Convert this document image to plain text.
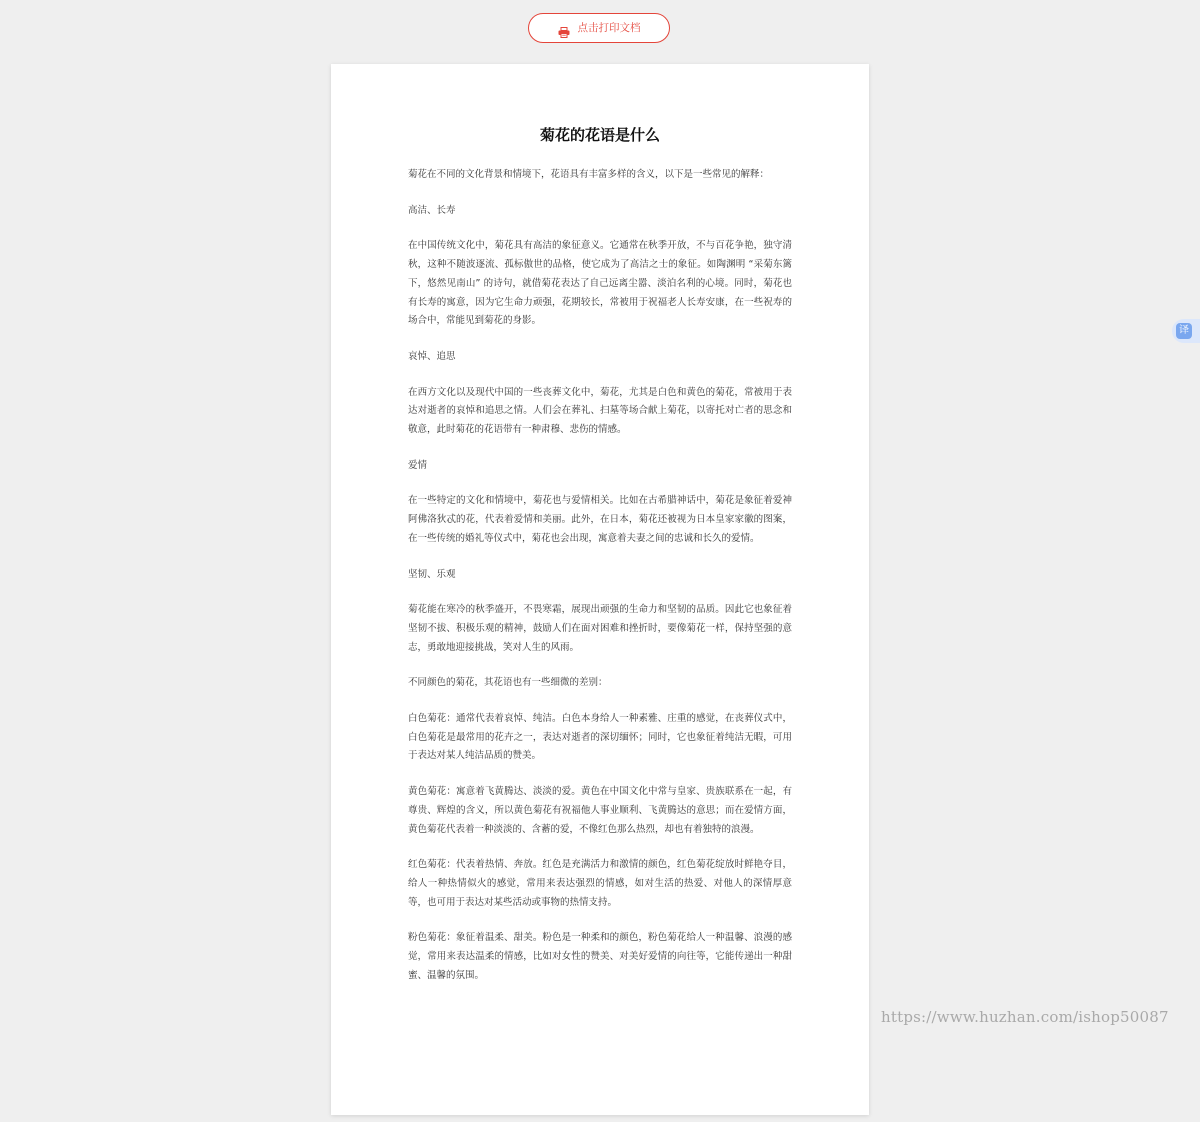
点击打印文档
菊花的花语是什么

菊花在不同的文化背景和情境下，花语具有丰富多样的含义，以下是一些常见的解释：

高洁、长寿

在中国传统文化中，菊花具有高洁的象征意义。它通常在秋季开放，不与百花争艳，独守清秋，这种不随波逐流、孤标傲世的品格，使它成为了高洁之士的象征。如陶渊明 “采菊东篱下，悠然见南山” 的诗句，就借菊花表达了自己远离尘嚣、淡泊名利的心境。同时，菊花也有长寿的寓意，因为它生命力顽强，花期较长，常被用于祝福老人长寿安康，在一些祝寿的场合中，常能见到菊花的身影。

哀悼、追思

在西方文化以及现代中国的一些丧葬文化中，菊花，尤其是白色和黄色的菊花，常被用于表达对逝者的哀悼和追思之情。人们会在葬礼、扫墓等场合献上菊花，以寄托对亡者的思念和敬意，此时菊花的花语带有一种肃穆、悲伤的情感。

爱情

在一些特定的文化和情境中，菊花也与爱情相关。比如在古希腊神话中，菊花是象征着爱神阿佛洛狄忒的花，代表着爱情和美丽。此外，在日本，菊花还被视为日本皇家家徽的图案，在一些传统的婚礼等仪式中，菊花也会出现，寓意着夫妻之间的忠诚和长久的爱情。

坚韧、乐观

菊花能在寒冷的秋季盛开，不畏寒霜，展现出顽强的生命力和坚韧的品质。因此它也象征着坚韧不拔、积极乐观的精神，鼓励人们在面对困难和挫折时，要像菊花一样，保持坚强的意志，勇敢地迎接挑战，笑对人生的风雨。

不同颜色的菊花，其花语也有一些细微的差别：

白色菊花：通常代表着哀悼、纯洁。白色本身给人一种素雅、庄重的感觉，在丧葬仪式中，白色菊花是最常用的花卉之一，表达对逝者的深切缅怀；同时，它也象征着纯洁无暇，可用于表达对某人纯洁品质的赞美。

黄色菊花：寓意着飞黄腾达、淡淡的爱。黄色在中国文化中常与皇家、贵族联系在一起，有尊贵、辉煌的含义，所以黄色菊花有祝福他人事业顺利、飞黄腾达的意思；而在爱情方面，黄色菊花代表着一种淡淡的、含蓄的爱，不像红色那么热烈，却也有着独特的浪漫。

红色菊花：代表着热情、奔放。红色是充满活力和激情的颜色，红色菊花绽放时鲜艳夺目，给人一种热情似火的感觉，常用来表达强烈的情感，如对生活的热爱、对他人的深情厚意等，也可用于表达对某些活动或事物的热情支持。

粉色菊花：象征着温柔、甜美。粉色是一种柔和的颜色，粉色菊花给人一种温馨、浪漫的感觉，常用来表达温柔的情感，比如对女性的赞美、对美好爱情的向往等，它能传递出一种甜蜜、温馨的氛围。

译
https://www.huzhan.com/ishop50087
